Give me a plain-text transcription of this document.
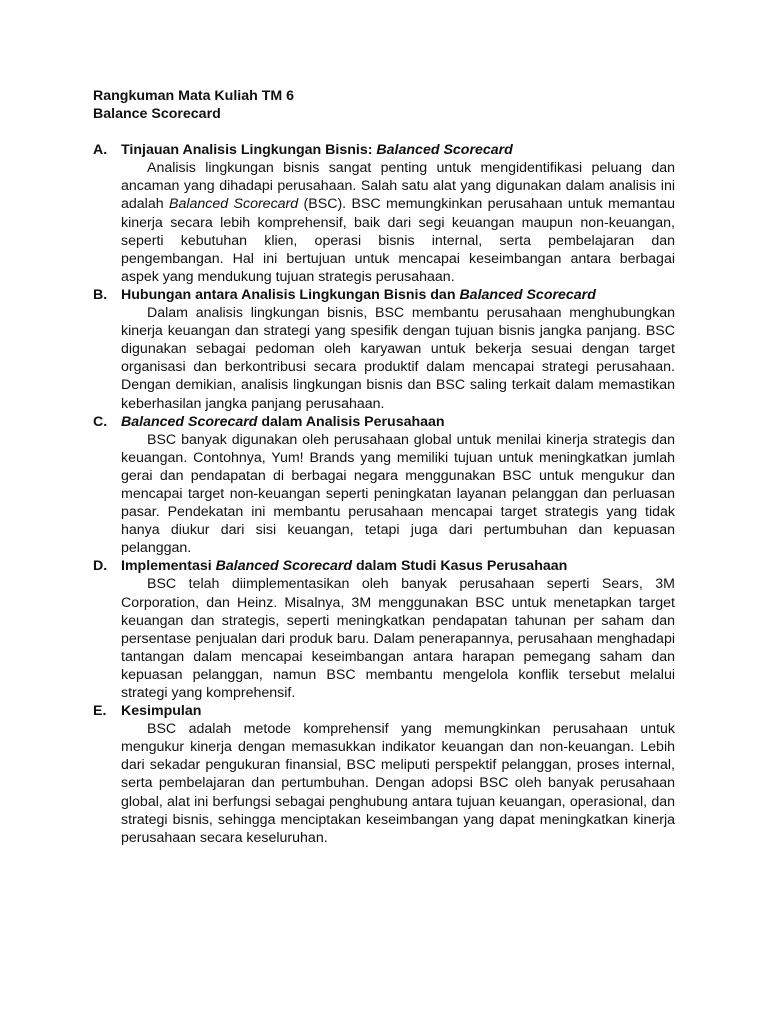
Rangkuman Mata Kuliah TM 6

Balance Scorecard

A. Tinjauan Analisis Lingkungan Bisnis: Balanced Scorecard

Analisis lingkungan bisnis sangat penting untuk mengidentifikasi peluang dan ancaman yang dihadapi perusahaan. Salah satu alat yang digunakan dalam analisis ini adalah Balanced Scorecard (BSC). BSC memungkinkan perusahaan untuk memantau kinerja secara lebih komprehensif, baik dari segi keuangan maupun non-keuangan, seperti kebutuhan klien, operasi bisnis internal, serta pembelajaran dan pengembangan. Hal ini bertujuan untuk mencapai keseimbangan antara berbagai aspek yang mendukung tujuan strategis perusahaan.

B. Hubungan antara Analisis Lingkungan Bisnis dan Balanced Scorecard

Dalam analisis lingkungan bisnis, BSC membantu perusahaan menghubungkan kinerja keuangan dan strategi yang spesifik dengan tujuan bisnis jangka panjang. BSC digunakan sebagai pedoman oleh karyawan untuk bekerja sesuai dengan target organisasi dan berkontribusi secara produktif dalam mencapai strategi perusahaan. Dengan demikian, analisis lingkungan bisnis dan BSC saling terkait dalam memastikan keberhasilan jangka panjang perusahaan.

C. Balanced Scorecard dalam Analisis Perusahaan

BSC banyak digunakan oleh perusahaan global untuk menilai kinerja strategis dan keuangan. Contohnya, Yum! Brands yang memiliki tujuan untuk meningkatkan jumlah gerai dan pendapatan di berbagai negara menggunakan BSC untuk mengukur dan mencapai target non-keuangan seperti peningkatan layanan pelanggan dan perluasan pasar. Pendekatan ini membantu perusahaan mencapai target strategis yang tidak hanya diukur dari sisi keuangan, tetapi juga dari pertumbuhan dan kepuasan pelanggan.

D. Implementasi Balanced Scorecard dalam Studi Kasus Perusahaan

BSC telah diimplementasikan oleh banyak perusahaan seperti Sears, 3M Corporation, dan Heinz. Misalnya, 3M menggunakan BSC untuk menetapkan target keuangan dan strategis, seperti meningkatkan pendapatan tahunan per saham dan persentase penjualan dari produk baru. Dalam penerapannya, perusahaan menghadapi tantangan dalam mencapai keseimbangan antara harapan pemegang saham dan kepuasan pelanggan, namun BSC membantu mengelola konflik tersebut melalui strategi yang komprehensif.

E.	Kesimpulan

BSC adalah metode komprehensif yang memungkinkan perusahaan untuk mengukur kinerja dengan memasukkan indikator keuangan dan non-keuangan. Lebih dari sekadar pengukuran finansial, BSC meliputi perspektif pelanggan, proses internal, serta pembelajaran dan pertumbuhan. Dengan adopsi BSC oleh banyak perusahaan global, alat ini berfungsi sebagai penghubung antara tujuan keuangan, operasional, dan strategi bisnis, sehingga menciptakan keseimbangan yang dapat meningkatkan kinerja perusahaan secara keseluruhan.
